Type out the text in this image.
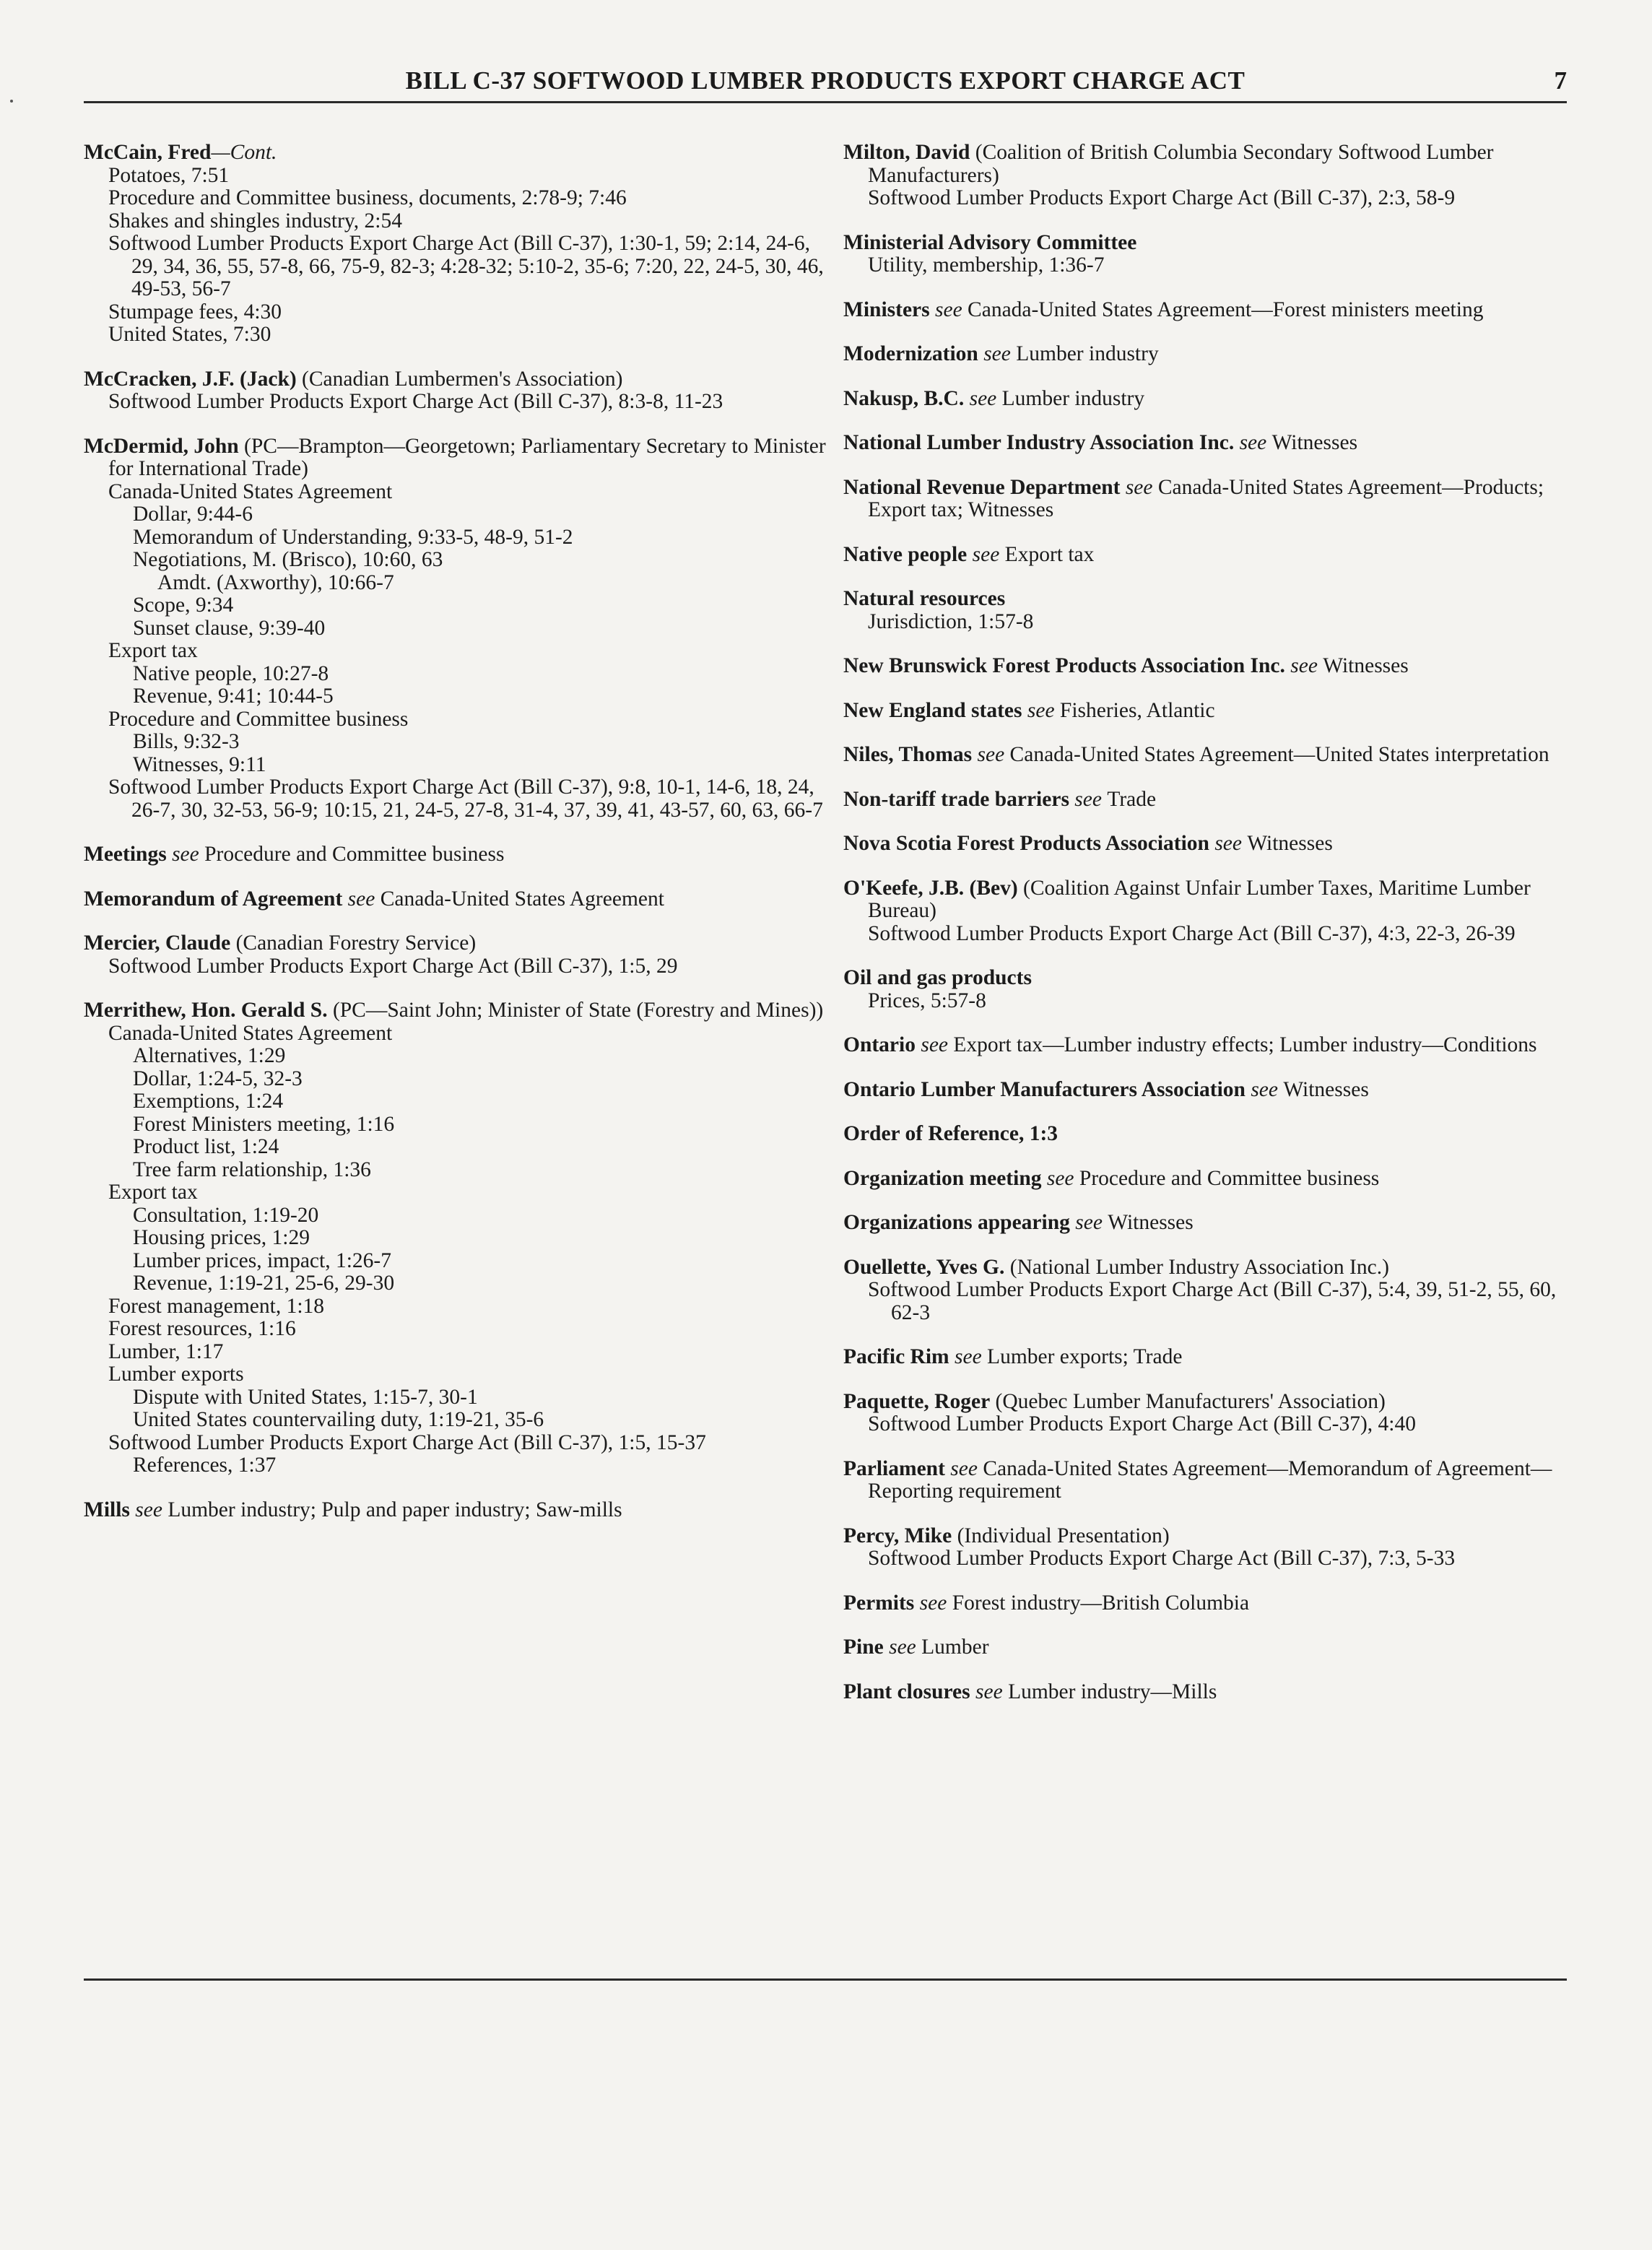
BILL C-37 SOFTWOOD LUMBER PRODUCTS EXPORT CHARGE ACT	7
McCain, Fred—Cont.
Potatoes, 7:51
Procedure and Committee business, documents, 2:78-9; 7:46
Shakes and shingles industry, 2:54
Softwood Lumber Products Export Charge Act (Bill C-37), 1:30-1, 59; 2:14, 24-6, 29, 34, 36, 55, 57-8, 66, 75-9, 82-3; 4:28-32; 5:10-2, 35-6; 7:20, 22, 24-5, 30, 46, 49-53, 56-7
Stumpage fees, 4:30
United States, 7:30
McCracken, J.F. (Jack) (Canadian Lumbermen's Association)
Softwood Lumber Products Export Charge Act (Bill C-37), 8:3-8, 11-23
McDermid, John (PC—Brampton—Georgetown; Parliamentary Secretary to Minister for International Trade)
Canada-United States Agreement
Dollar, 9:44-6
Memorandum of Understanding, 9:33-5, 48-9, 51-2
Negotiations, M. (Brisco), 10:60, 63
Amdt. (Axworthy), 10:66-7
Scope, 9:34
Sunset clause, 9:39-40
Export tax
Native people, 10:27-8
Revenue, 9:41; 10:44-5
Procedure and Committee business
Bills, 9:32-3
Witnesses, 9:11
Softwood Lumber Products Export Charge Act (Bill C-37), 9:8, 10-1, 14-6, 18, 24, 26-7, 30, 32-53, 56-9; 10:15, 21, 24-5, 27-8, 31-4, 37, 39, 41, 43-57, 60, 63, 66-7
Meetings see Procedure and Committee business
Memorandum of Agreement see Canada-United States Agreement
Mercier, Claude (Canadian Forestry Service)
Softwood Lumber Products Export Charge Act (Bill C-37), 1:5, 29
Merrithew, Hon. Gerald S. (PC—Saint John; Minister of State (Forestry and Mines))
Canada-United States Agreement
Alternatives, 1:29
Dollar, 1:24-5, 32-3
Exemptions, 1:24
Forest Ministers meeting, 1:16
Product list, 1:24
Tree farm relationship, 1:36
Export tax
Consultation, 1:19-20
Housing prices, 1:29
Lumber prices, impact, 1:26-7
Revenue, 1:19-21, 25-6, 29-30
Forest management, 1:18
Forest resources, 1:16
Lumber, 1:17
Lumber exports
Dispute with United States, 1:15-7, 30-1
United States countervailing duty, 1:19-21, 35-6
Softwood Lumber Products Export Charge Act (Bill C-37), 1:5, 15-37
References, 1:37
Mills see Lumber industry; Pulp and paper industry; Saw-mills
Milton, David (Coalition of British Columbia Secondary Softwood Lumber Manufacturers)
Softwood Lumber Products Export Charge Act (Bill C-37), 2:3, 58-9
Ministerial Advisory Committee
Utility, membership, 1:36-7
Ministers see Canada-United States Agreement—Forest ministers meeting
Modernization see Lumber industry
Nakusp, B.C. see Lumber industry
National Lumber Industry Association Inc. see Witnesses
National Revenue Department see Canada-United States Agreement—Products; Export tax; Witnesses
Native people see Export tax
Natural resources
Jurisdiction, 1:57-8
New Brunswick Forest Products Association Inc. see Witnesses
New England states see Fisheries, Atlantic
Niles, Thomas see Canada-United States Agreement—United States interpretation
Non-tariff trade barriers see Trade
Nova Scotia Forest Products Association see Witnesses
O'Keefe, J.B. (Bev) (Coalition Against Unfair Lumber Taxes, Maritime Lumber Bureau)
Softwood Lumber Products Export Charge Act (Bill C-37), 4:3, 22-3, 26-39
Oil and gas products
Prices, 5:57-8
Ontario see Export tax—Lumber industry effects; Lumber industry—Conditions
Ontario Lumber Manufacturers Association see Witnesses
Order of Reference, 1:3
Organization meeting see Procedure and Committee business
Organizations appearing see Witnesses
Ouellette, Yves G. (National Lumber Industry Association Inc.)
Softwood Lumber Products Export Charge Act (Bill C-37), 5:4, 39, 51-2, 55, 60, 62-3
Pacific Rim see Lumber exports; Trade
Paquette, Roger (Quebec Lumber Manufacturers' Association)
Softwood Lumber Products Export Charge Act (Bill C-37), 4:40
Parliament see Canada-United States Agreement—Memorandum of Agreement—Reporting requirement
Percy, Mike (Individual Presentation)
Softwood Lumber Products Export Charge Act (Bill C-37), 7:3, 5-33
Permits see Forest industry—British Columbia
Pine see Lumber
Plant closures see Lumber industry—Mills
